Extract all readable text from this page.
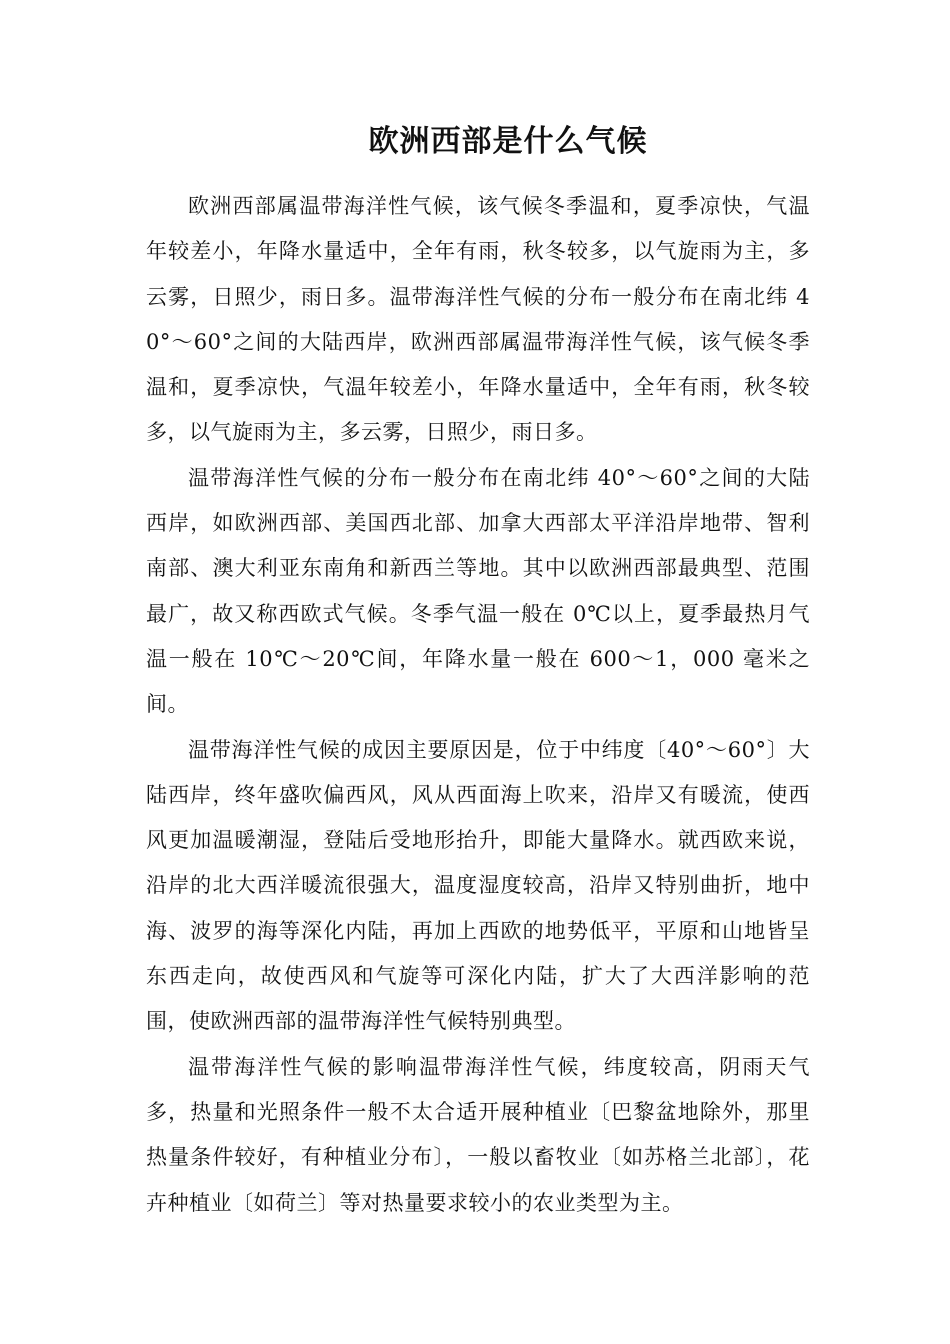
欧洲西部是什么气候

欧洲西部属温带海洋性气候，该气候冬季温和，夏季凉快，气温年较差小，年降水量适中，全年有雨，秋冬较多，以气旋雨为主，多云雾，日照少，雨日多。温带海洋性气候的分布一般分布在南北纬 40°～60°之间的大陆西岸，欧洲西部属温带海洋性气候，该气候冬季温和，夏季凉快，气温年较差小，年降水量适中，全年有雨，秋冬较多，以气旋雨为主，多云雾，日照少，雨日多。

温带海洋性气候的分布一般分布在南北纬 40°～60°之间的大陆西岸，如欧洲西部、美国西北部、加拿大西部太平洋沿岸地带、智利南部、澳大利亚东南角和新西兰等地。其中以欧洲西部最典型、范围最广，故又称西欧式气候。冬季气温一般在 0℃以上，夏季最热月气温一般在 10℃～20℃间，年降水量一般在 600～1，000 毫米之间。

温带海洋性气候的成因主要原因是，位于中纬度〔40°～60°〕大陆西岸，终年盛吹偏西风，风从西面海上吹来，沿岸又有暖流，使西风更加温暖潮湿，登陆后受地形抬升，即能大量降水。就西欧来说，沿岸的北大西洋暖流很强大，温度湿度较高，沿岸又特别曲折，地中海、波罗的海等深化内陆，再加上西欧的地势低平，平原和山地皆呈东西走向，故使西风和气旋等可深化内陆，扩大了大西洋影响的范围，使欧洲西部的温带海洋性气候特别典型。

温带海洋性气候的影响温带海洋性气候，纬度较高，阴雨天气多，热量和光照条件一般不太合适开展种植业〔巴黎盆地除外，那里热量条件较好，有种植业分布〕，一般以畜牧业〔如苏格兰北部〕，花卉种植业〔如荷兰〕等对热量要求较小的农业类型为主。
